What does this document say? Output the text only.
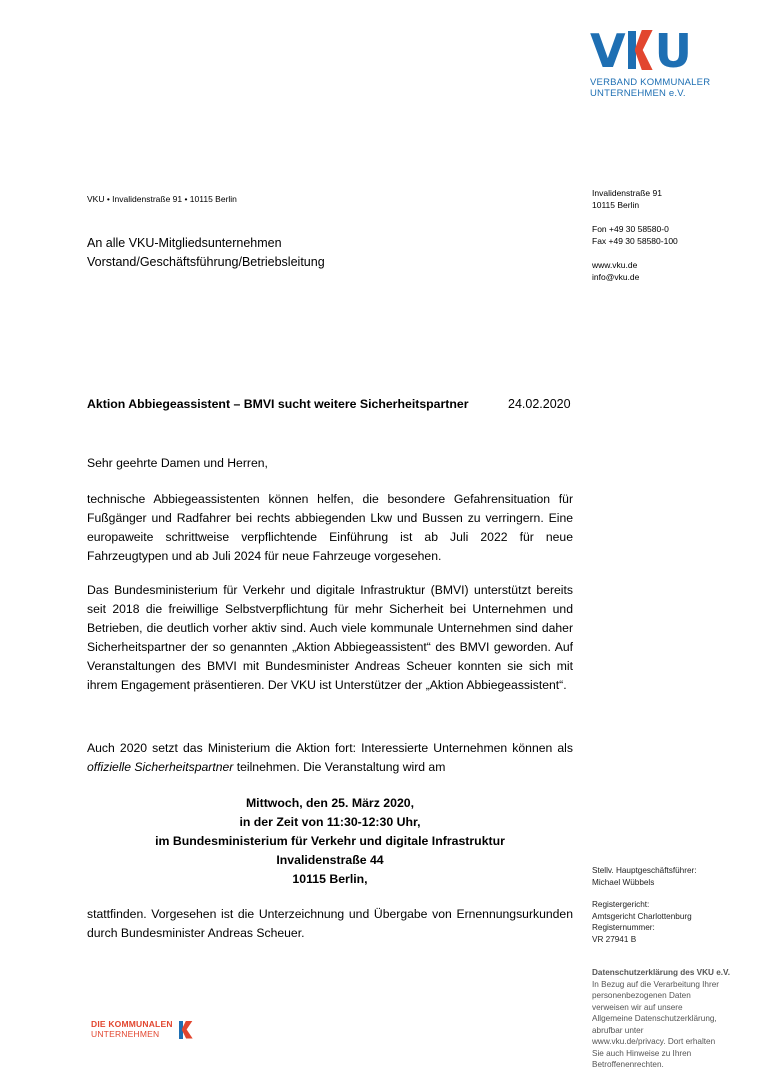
V U
VERBAND KOMMUNALER
UNTERNEHMEN e.V.
VKU • Invalidenstraße 91 • 10115 Berlin
Invalidenstraße 91
10115 Berlin
Fon +49 30 58580-0
Fax +49 30 58580-100
www.vku.de
info@vku.de
An alle VKU-Mitgliedsunternehmen
Vorstand/Geschäftsführung/Betriebsleitung
Aktion Abbiegeassistent – BMVI sucht weitere Sicherheitspartner	24.02.2020
Sehr geehrte Damen und Herren,

technische Abbiegeassistenten können helfen, die besondere Gefahrensituation für Fußgänger und Radfahrer bei rechts abbiegenden Lkw und Bussen zu verringern. Eine europaweite schrittweise verpflichtende Einführung ist ab Juli 2022 für neue Fahrzeugtypen und ab Juli 2024 für neue Fahrzeuge vorgesehen.

Das Bundesministerium für Verkehr und digitale Infrastruktur (BMVI) unterstützt bereits seit 2018 die freiwillige Selbstverpflichtung für mehr Sicherheit bei Unternehmen und Betrieben, die deutlich vorher aktiv sind. Auch viele kommunale Unternehmen sind daher Sicherheitspartner der so genannten „Aktion Abbiegeassistent“ des BMVI geworden. Auf Veranstaltungen des BMVI mit Bundesminister Andreas Scheuer konnten sie sich mit ihrem Engagement präsentieren. Der VKU ist Unterstützer der „Aktion Abbiegeassistent“.

Auch 2020 setzt das Ministerium die Aktion fort: Interessierte Unternehmen können als offizielle Sicherheitspartner teilnehmen. Die Veranstaltung wird am

Mittwoch, den 25. März 2020,
in der Zeit von 11:30-12:30 Uhr,
im Bundesministerium für Verkehr und digitale Infrastruktur
Invalidenstraße 44
10115 Berlin,

stattfinden. Vorgesehen ist die Unterzeichnung und Übergabe von Ernennungsurkunden durch Bundesminister Andreas Scheuer.

Stellv. Hauptgeschäftsführer:
Michael Wübbels
Registergericht:
Amtsgericht Charlottenburg
Registernummer:
VR 27941 B
Datenschutzerklärung des VKU e.V.
In Bezug auf die Verarbeitung Ihrer
personenbezogenen Daten
verweisen wir auf unsere
Allgemeine Datenschutzerklärung,
abrufbar unter
www.vku.de/privacy. Dort erhalten
Sie auch Hinweise zu Ihren
Betroffenenrechten.
DIE KOMMUNALEN
UNTERNEHMEN
